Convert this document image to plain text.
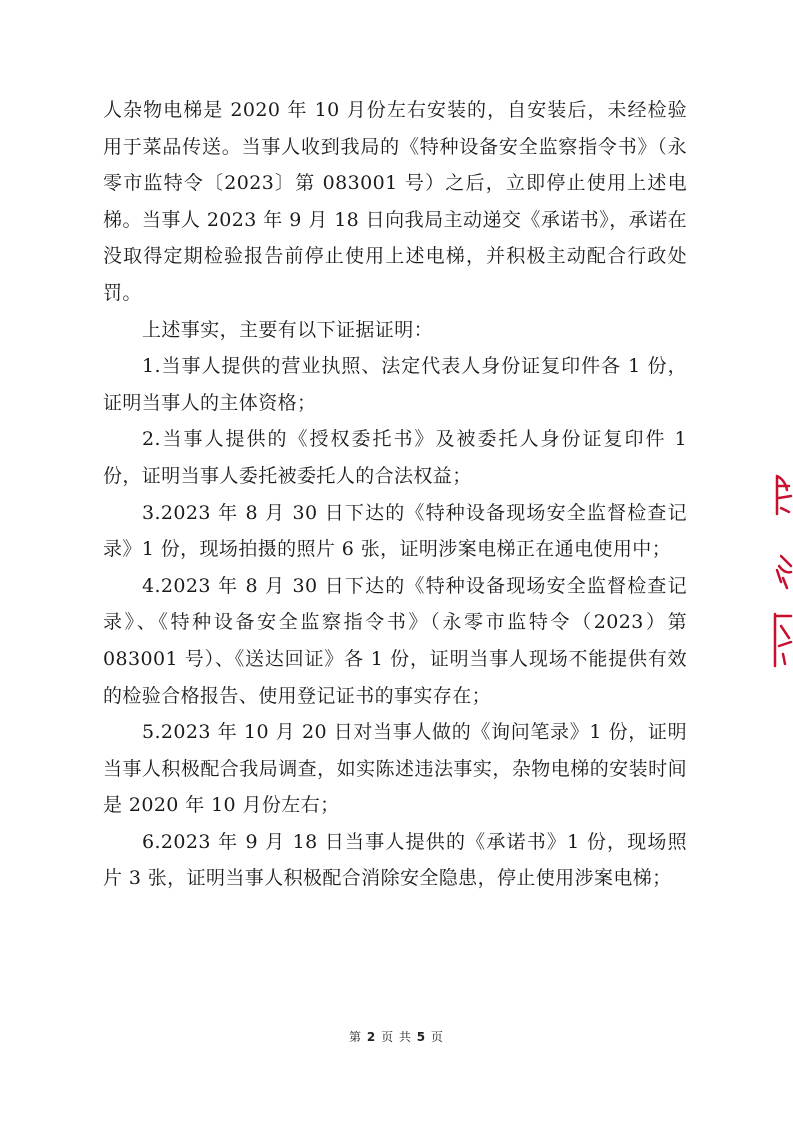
人杂物电梯是 2020 年 10 月份左右安装的，自安装后，未经检验用于菜品传送。当事人收到我局的《特种设备安全监察指令书》（永零市监特令〔2023〕第 083001 号）之后，立即停止使用上述电梯。当事人 2023 年 9 月 18 日向我局主动递交《承诺书》，承诺在没取得定期检验报告前停止使用上述电梯，并积极主动配合行政处罚。

上述事实，主要有以下证据证明：

1.当事人提供的营业执照、法定代表人身份证复印件各 1 份，证明当事人的主体资格；

2.当事人提供的《授权委托书》及被委托人身份证复印件 1 份，证明当事人委托被委托人的合法权益；

3.2023 年 8 月 30 日下达的《特种设备现场安全监督检查记录》1 份，现场拍摄的照片 6 张，证明涉案电梯正在通电使用中；

4.2023 年 8 月 30 日下达的《特种设备现场安全监督检查记录》、《特种设备安全监察指令书》（永零市监特令（2023）第 083001 号）、《送达回证》各 1 份，证明当事人现场不能提供有效的检验合格报告、使用登记证书的事实存在；

5.2023 年 10 月 20 日对当事人做的《询问笔录》1 份，证明当事人积极配合我局调查，如实陈述违法事实，杂物电梯的安装时间是 2020 年 10 月份左右；

6.2023 年 9 月 18 日当事人提供的《承诺书》1 份，现场照片 3 张，证明当事人积极配合消除安全隐患，停止使用涉案电梯；

第 2 页 共 5 页
